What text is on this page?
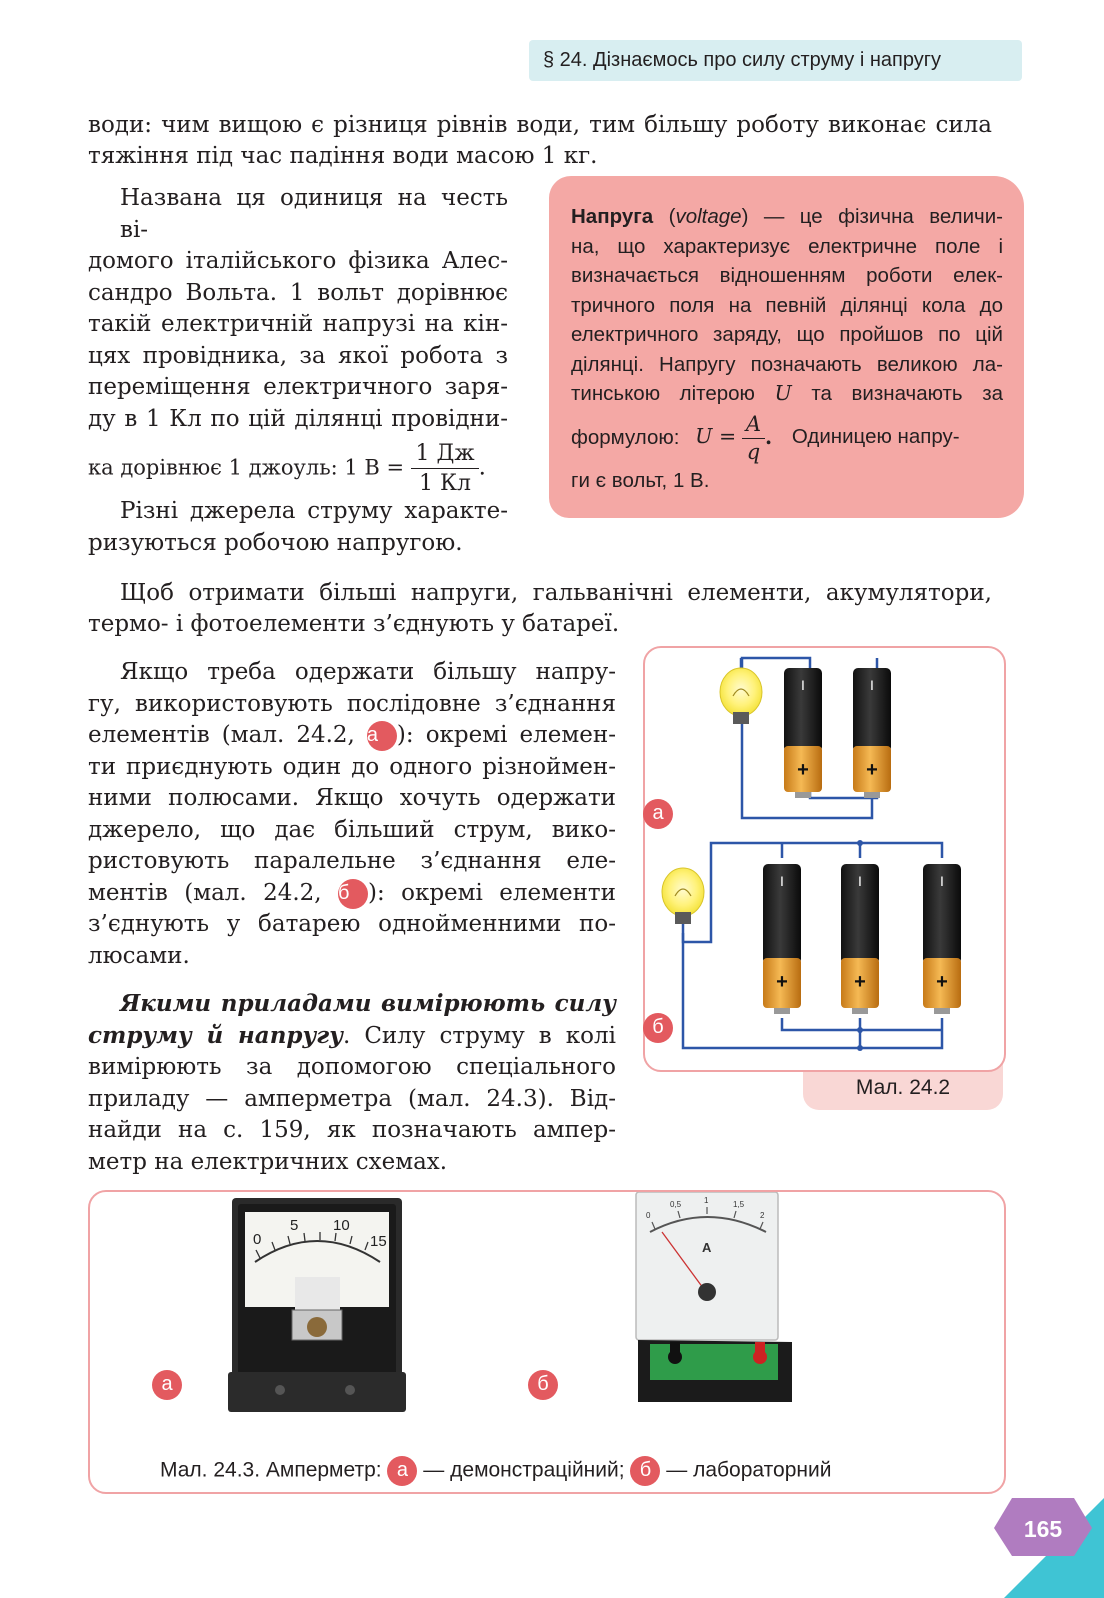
§ 24. Дізнаємось про силу струму і напругу

води: чим вищою є різниця рівнів води, тим більшу роботу виконає сила

тяжіння під час падіння води масою 1 кг.

Названа ця одиниця на честь ві-
домого італійського фізика Алес-
сандро Вольта. 1 вольт дорівнює
такій електричній напрузі на кін-
цях провідника, за якої робота з
переміщення електричного заря-
ду в 1 Кл по цій ділянці провідни-
ка дорівнює 1 джоуль: 1 $В = \frac{1 Дж}{1 Кл}$ .
Різні джерела струму характе-
ризуються робочою напругою.
Напруга (voltage) — це фізична величи-
на, що характеризує електричне поле і
визначається відношенням роботи елек-
тричного поля на певній ділянці кола до
електричного заряду, що пройшов по цій
ділянці. Напругу позначають великою ла-
тинською літерою U та визначають за
формулою: $U = \frac{A}{q}$ . Одиницею напру-
ги є вольт, 1 В.

Щоб отримати більші напруги, гальванічні елементи, акумулятори,

термо- і фотоелементи з’єднують у батареї.

Якщо треба одержати більшу напру-
гу, використовують послідовне з’єднання
елементів (мал. 24.2, а ): окремі елемен-
ти приєднують один до одного різноймен-
ними полюсами. Якщо хочуть одержати
джерело, що дає більший струм, вико-
ристовують паралельне з’єднання еле-
ментів (мал. 24.2, б ): окремі елементи
з’єднують у батарею однойменними по-
люсами.
Якими приладами вимірюють силу
струму й напругу. Силу струму в колі
вимірюють за допомогою спеціального
приладу — амперметра (мал. 24.3). Від-
найди на с. 159, як позначають ампер-
метр на електричних схемах.
Мал. 24.2
I
+
I
+
I
+
I
+
I
+
а
б
0
5 10
15
0
0,5	1	1,5
2
A
а	б
Мал. 24.3. Амперметр: а — демонстраційний; б — лабораторний
165
